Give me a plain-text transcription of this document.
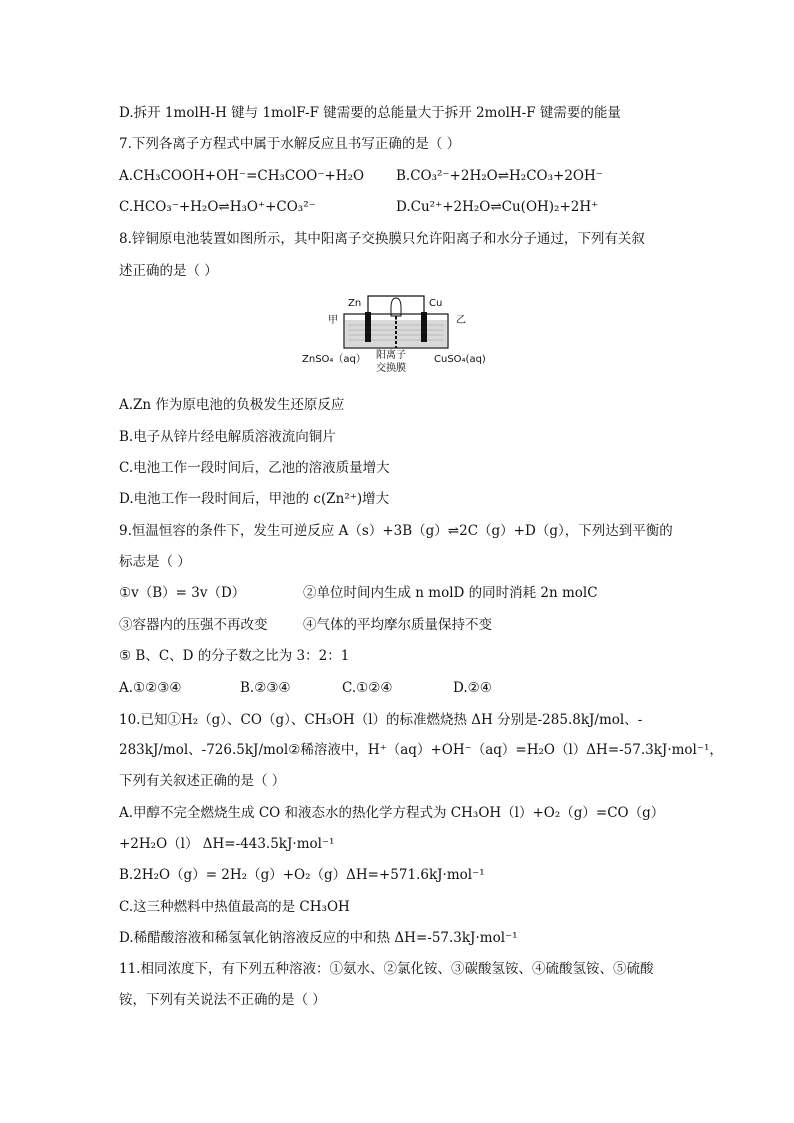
D.拆开 1molH-H 键与 1molF-F 键需要的总能量大于拆开 2molH-F 键需要的能量
7.下列各离子方程式中属于水解反应且书写正确的是（ ）
A.CH₃COOH+OH⁻=CH₃COO⁻+H₂O B.CO₃²⁻+2H₂O⇌H₂CO₃+2OH⁻
C.HCO₃⁻+H₂O⇌H₃O⁺+CO₃²⁻	D.Cu²⁺+2H₂O⇌Cu(OH)₂+2H⁺
8.锌铜原电池装置如图所示，其中阳离子交换膜只允许阳离子和水分子通过，下列有关叙
述正确的是（ ）
Zn	Cu
甲	乙
ZnSO₄（aq）	CuSO₄(aq)
阳离子
交换膜
A.Zn 作为原电池的负极发生还原反应
B.电子从锌片经电解质溶液流向铜片
C.电池工作一段时间后，乙池的溶液质量增大
D.电池工作一段时间后，甲池的 c(Zn²⁺)增大
9.恒温恒容的条件下，发生可逆反应 A（s）+3B（g）⇌2C（g）+D（g），下列达到平衡的
标志是（ ）
①v（B）= 3v（D）	②单位时间内生成 n molD 的同时消耗 2n molC
③容器内的压强不再改变	④气体的平均摩尔质量保持不变
⑤ B、C、D 的分子数之比为 3：2：1
A.①②③④	B.②③④	C.①②④	D.②④
10.已知①H₂（g）、CO（g）、CH₃OH（l）的标准燃烧热 ΔH 分别是-285.8kJ/mol、-
283kJ/mol、-726.5kJ/mol②稀溶液中，H⁺（aq）+OH⁻（aq）=H₂O（l）ΔH=-57.3kJ·mol⁻¹，
下列有关叙述正确的是（ ）
A.甲醇不完全燃烧生成 CO 和液态水的热化学方程式为 CH₃OH（l）+O₂（g）=CO（g）
+2H₂O（l） ΔH=-443.5kJ·mol⁻¹
B.2H₂O（g）= 2H₂（g）+O₂（g）ΔH=+571.6kJ·mol⁻¹
C.这三种燃料中热值最高的是 CH₃OH
D.稀醋酸溶液和稀氢氧化钠溶液反应的中和热 ΔH=-57.3kJ·mol⁻¹
11.相同浓度下，有下列五种溶液：①氨水、②氯化铵、③碳酸氢铵、④硫酸氢铵、⑤硫酸
铵，下列有关说法不正确的是（ ）
